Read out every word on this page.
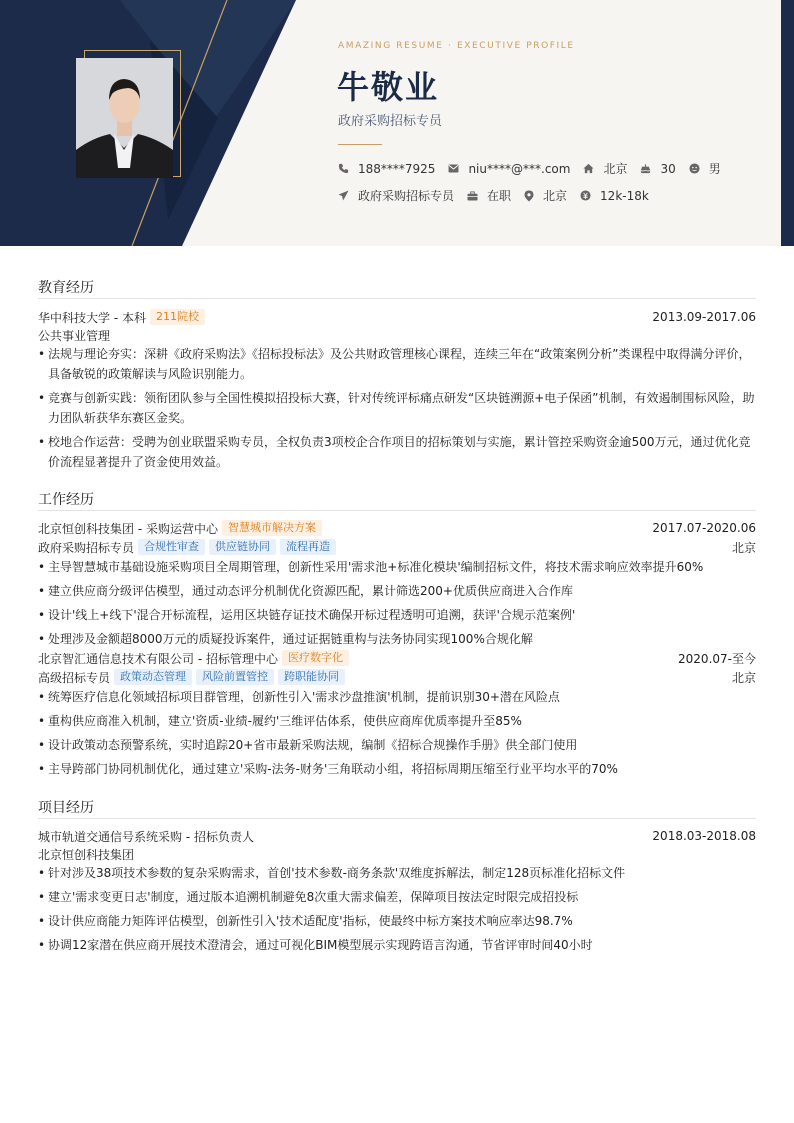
AMAZING RESUME · EXECUTIVE PROFILE
牛敬业
政府采购招标专员
188****7925	niu****@***.com	北京	30	男
政府采购招标专员	在职	北京	12k-18k
教育经历
华中科技大学 - 本科 211院校	2013.09-2017.06
公共事业管理
• 法规与理论夯实：深耕《政府采购法》《招标投标法》及公共财政管理核心课程，连续三年在“政策案例分析”类课程中取得满分评价，具备敏锐的政策解读与风险识别能力。
• 竞赛与创新实践：领衔团队参与全国性模拟招投标大赛，针对传统评标痛点研发“区块链溯源+电子保函”机制，有效遏制围标风险，助力团队斩获华东赛区金奖。
• 校地合作运营：受聘为创业联盟采购专员，全权负责3项校企合作项目的招标策划与实施，累计管控采购资金逾500万元，通过优化竞价流程显著提升了资金使用效益。
工作经历
北京恒创科技集团 - 采购运营中心 智慧城市解决方案	2017.07-2020.06
政府采购招标专员 合规性审查	供应链协同	流程再造	北京
• 主导智慧城市基础设施采购项目全周期管理，创新性采用'需求池+标准化模块'编制招标文件，将技术需求响应效率提升60%
• 建立供应商分级评估模型，通过动态评分机制优化资源匹配，累计筛选200+优质供应商进入合作库
• 设计'线上+线下'混合开标流程，运用区块链存证技术确保开标过程透明可追溯，获评'合规示范案例'
• 处理涉及金额超8000万元的质疑投诉案件，通过证据链重构与法务协同实现100%合规化解
北京智汇通信息技术有限公司 - 招标管理中心 医疗数字化	2020.07-至今
高级招标专员 政策动态管理	风险前置管控	跨职能协同	北京
• 统筹医疗信息化领域招标项目群管理，创新性引入'需求沙盘推演'机制，提前识别30+潜在风险点
• 重构供应商准入机制，建立'资质-业绩-履约'三维评估体系，使供应商库优质率提升至85%
• 设计政策动态预警系统，实时追踪20+省市最新采购法规，编制《招标合规操作手册》供全部门使用
• 主导跨部门协同机制优化，通过建立'采购-法务-财务'三角联动小组，将招标周期压缩至行业平均水平的70%
项目经历
城市轨道交通信号系统采购 - 招标负责人	2018.03-2018.08
北京恒创科技集团
• 针对涉及38项技术参数的复杂采购需求，首创'技术参数-商务条款'双维度拆解法，制定128页标准化招标文件
• 建立'需求变更日志'制度，通过版本追溯机制避免8次重大需求偏差，保障项目按法定时限完成招投标
• 设计供应商能力矩阵评估模型，创新性引入'技术适配度'指标，使最终中标方案技术响应率达98.7%
• 协调12家潜在供应商开展技术澄清会，通过可视化BIM模型展示实现跨语言沟通，节省评审时间40小时
